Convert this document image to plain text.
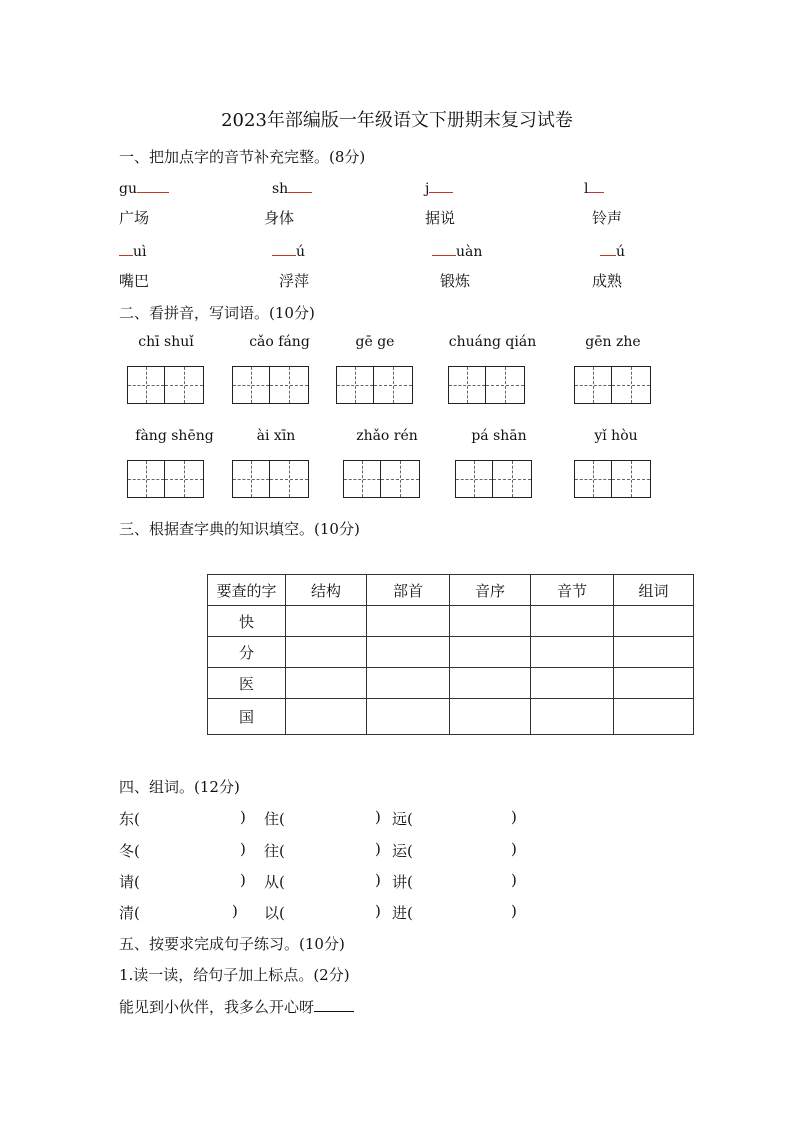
2023年部编版一年级语文下册期末复习试卷
一、把加点字的音节补充完整。(8分)
gu	sh	j	l
广场	身体	据说	铃声
uì	ú	uàn	ú
嘴巴	浮萍	锻炼	成熟
二、看拼音，写词语。(10分)
chī shuǐ	cǎo fáng	gē ge	chuáng qián	gēn zhe
fàng shēng	ài xīn	zhǎo rén	pá shān	yǐ hòu
三、根据查字典的知识填空。(10分)
要查的字	结构	部首	音序	音节	组词
快					
分					
医					
国					
四、组词。(12分)
东(	) 住(	) 远(	)
冬(	) 往(	) 运(	)
请(	) 从(	) 讲(	)
清(	) 以(	) 进(	)
五、按要求完成句子练习。(10分)
1.读一读，给句子加上标点。(2分)
能见到小伙伴，我多么开心呀
